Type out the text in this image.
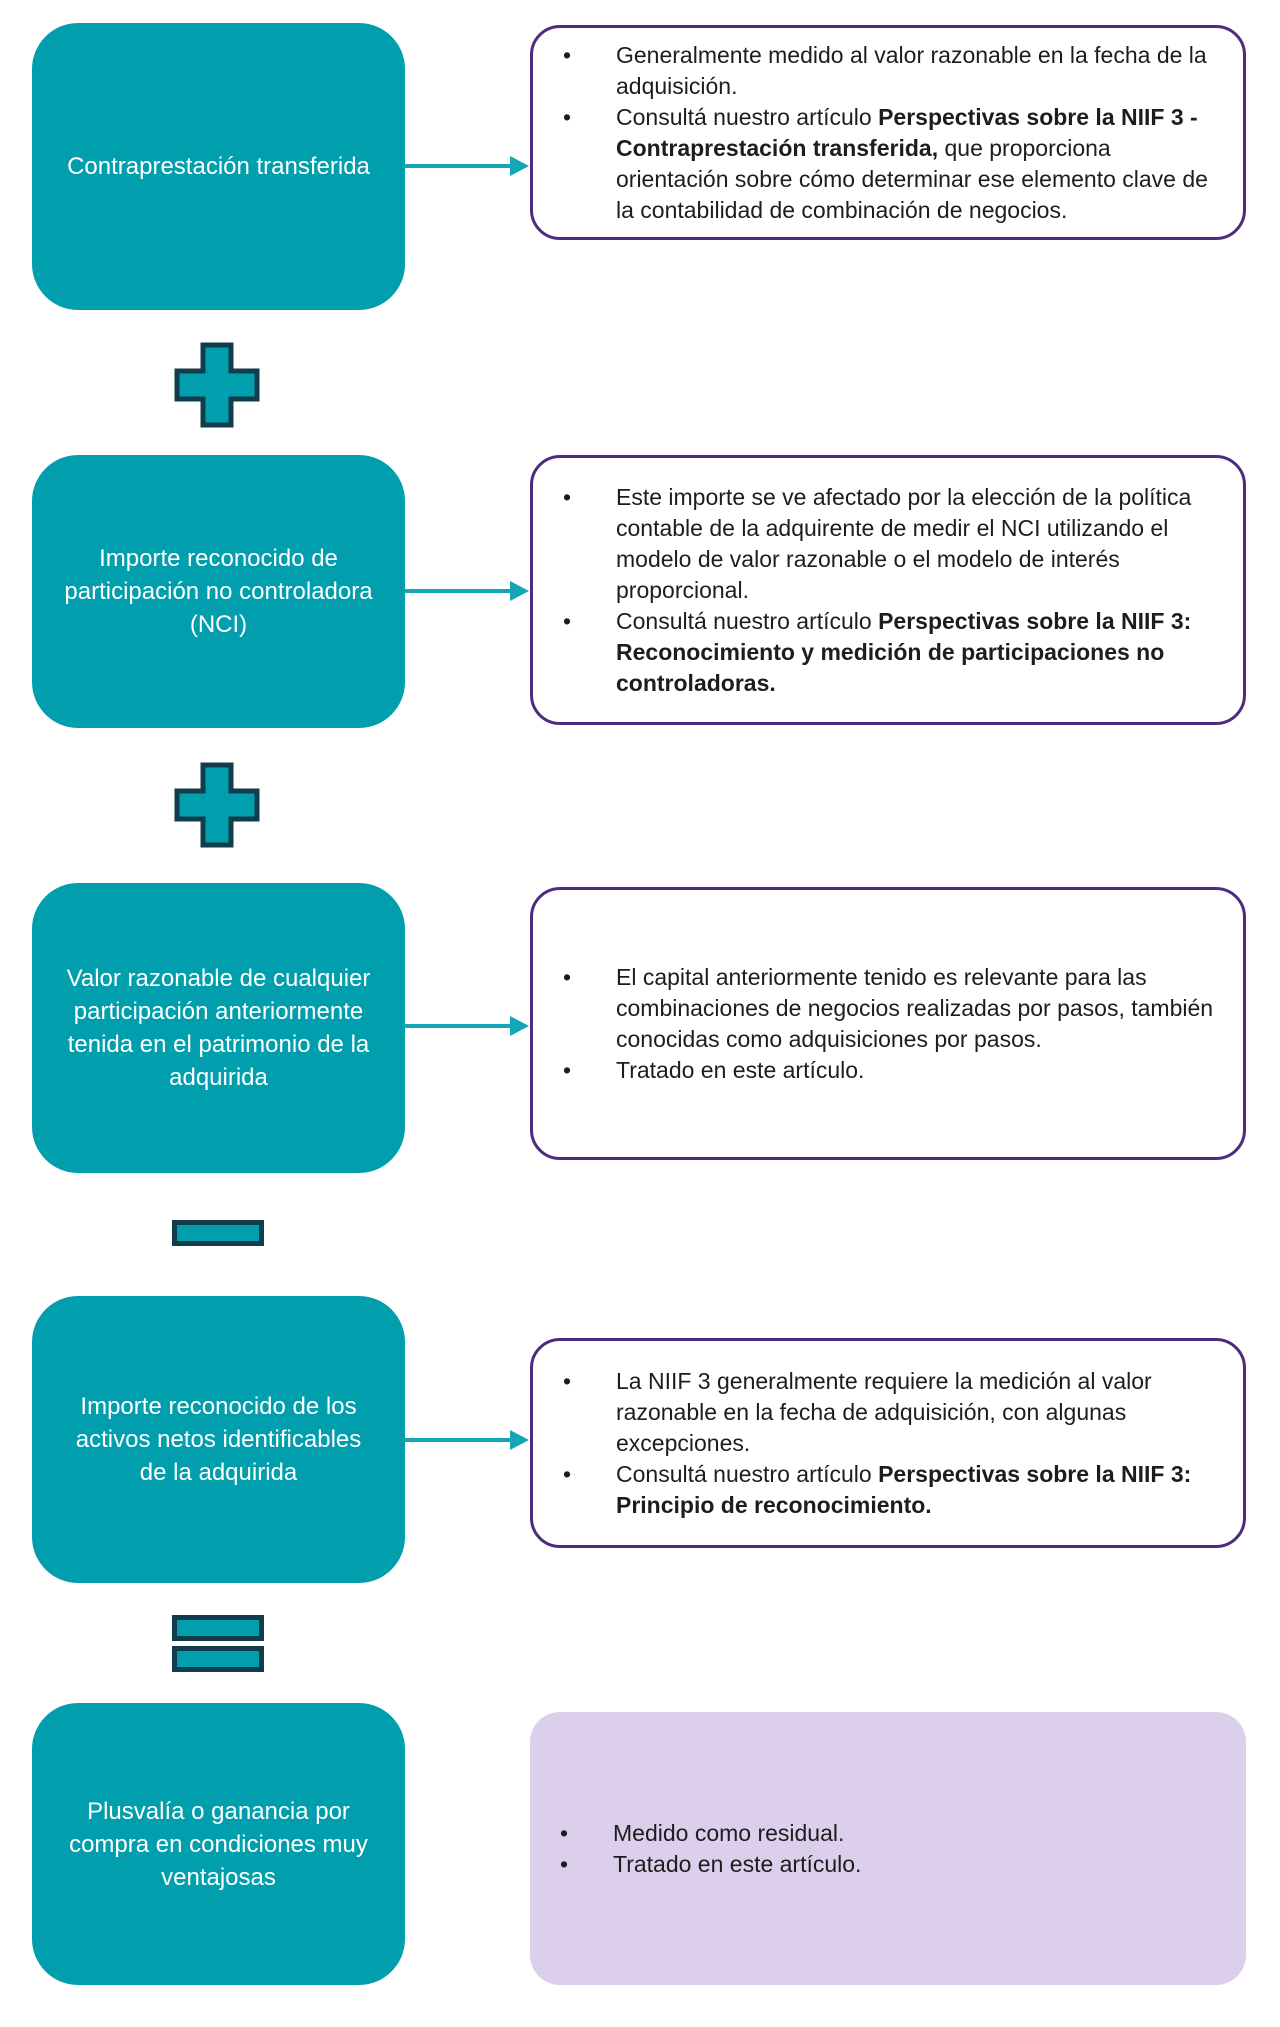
Contraprestación transferida
•	Generalmente medido al valor razonable en la fecha de la adquisición.
•	Consultá nuestro artículo Perspectivas sobre la NIIF 3 - Contraprestación transferida, que proporciona orientación sobre cómo determinar ese elemento clave de la contabilidad de combinación de negocios.
Importe reconocido de participación no controladora (NCI)
•	Este importe se ve afectado por la elección de la política contable de la adquirente de medir el NCI utilizando el modelo de valor razonable o el modelo de interés proporcional.
•	Consultá nuestro artículo Perspectivas sobre la NIIF 3: Reconocimiento y medición de participaciones no controladoras.
Valor razonable de cualquier participación anteriormente tenida en el patrimonio de la adquirida
•	El capital anteriormente tenido es relevante para las combinaciones de negocios realizadas por pasos, también conocidas como adquisiciones por pasos.
•	Tratado en este artículo.
Importe reconocido de los activos netos identificables de la adquirida
•	La NIIF 3 generalmente requiere la medición al valor razonable en la fecha de adquisición, con algunas excepciones.
•	Consultá nuestro artículo Perspectivas sobre la NIIF 3: Principio de reconocimiento.
Plusvalía o ganancia por compra en condiciones muy ventajosas
•	Medido como residual.
•	Tratado en este artículo.
